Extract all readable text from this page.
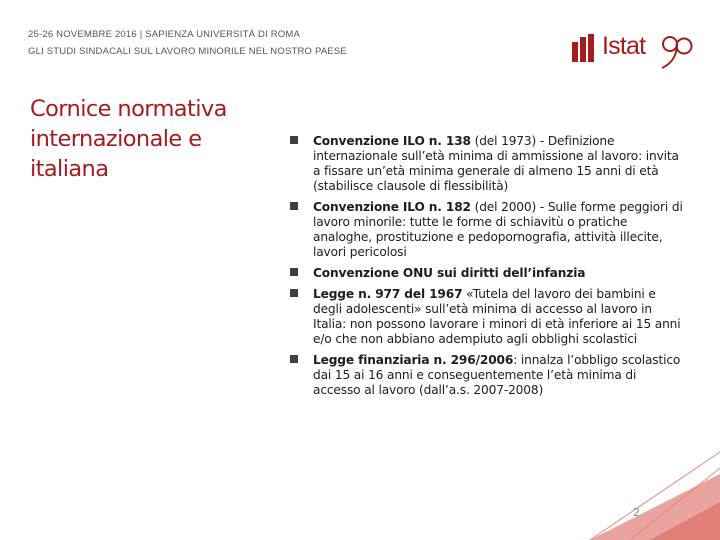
25-26 NOVEMBRE 2016 | SAPIENZA UNIVERSITÀ DI ROMA
GLI STUDI SINDACALI SUL LAVORO MINORILE NEL NOSTRO PAESE	Istat
Cornice normativa
internazionale e
italiana
Convenzione ILO n. 138 (del 1973) - Definizione internazionale sull’età minima di ammissione al lavoro: invita a fissare un’età minima generale di almeno 15 anni di età (stabilisce clausole di flessibilità)
Convenzione ILO n. 182 (del 2000) - Sulle forme peggiori di lavoro minorile: tutte le forme di schiavitù o pratiche analoghe, prostituzione e pedopornografia, attività illecite, lavori pericolosi
Convenzione ONU sui diritti dell’infanzia
Legge n. 977 del 1967 «Tutela del lavoro dei bambini e degli adolescenti» sull’età minima di accesso al lavoro in Italia: non possono lavorare i minori di età inferiore ai 15 anni e/o che non abbiano adempiuto agli obblighi scolastici
Legge finanziaria n. 296/2006: innalza l’obbligo scolastico dai 15 ai 16 anni e conseguentemente l’età minima di accesso al lavoro (dall’a.s. 2007-2008)
2
